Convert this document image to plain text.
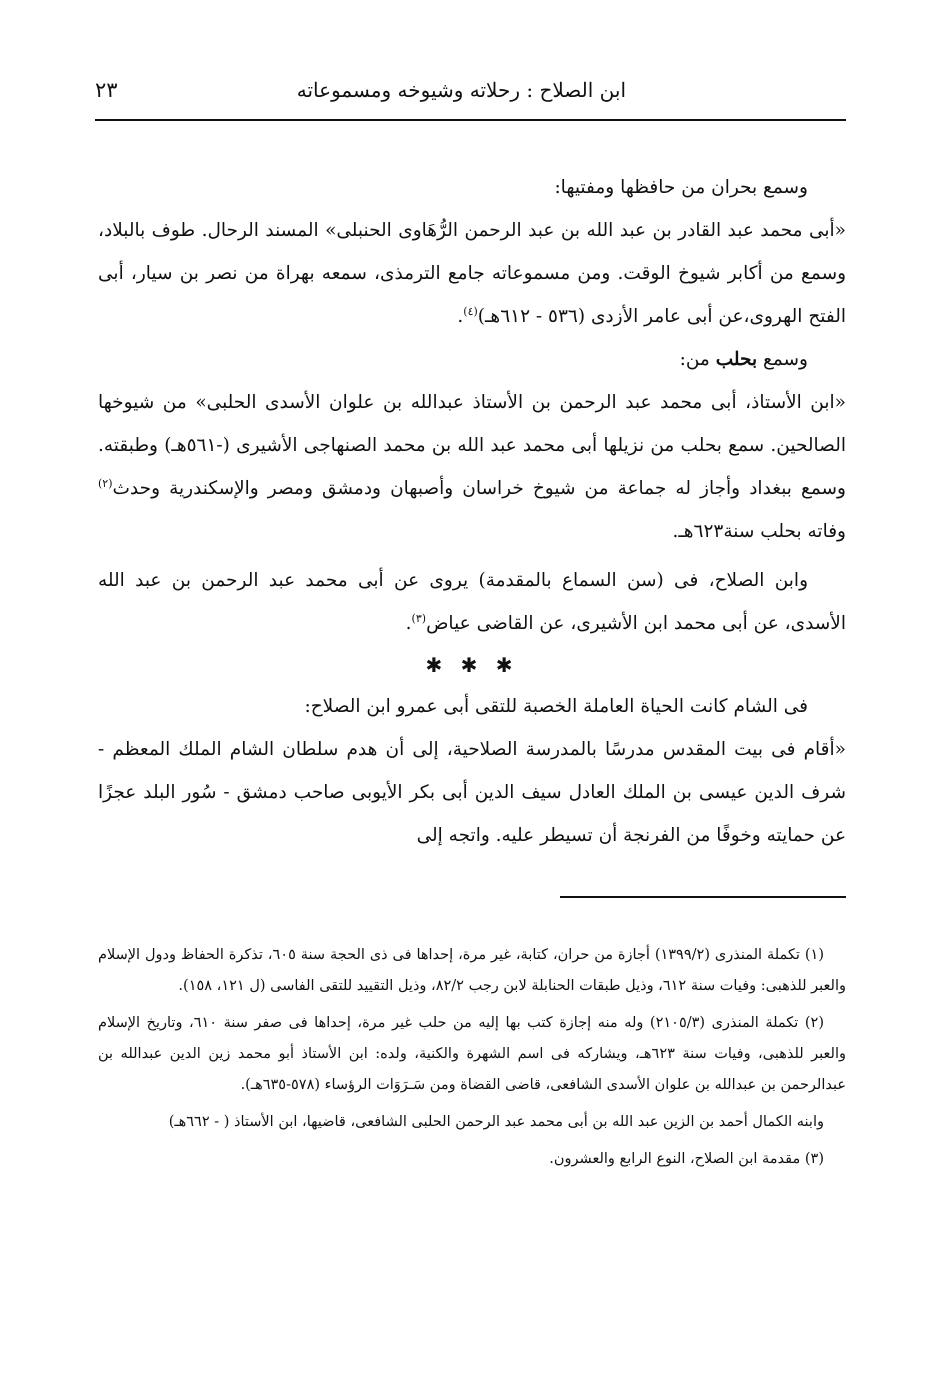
ابن الصلاح : رحلاته وشيوخه ومسموعاته
٢٣

وسمع بحران من حافظها ومفتيها:

«أبى محمد عبد القادر بن عبد الله بن عبد الرحمن الرُّهَاوى الحنبلى» المسند الرحال. طوف بالبلاد، وسمع من أكابر شيوخ الوقت. ومن مسموعاته جامع الترمذى، سمعه بهراة من نصر بن سيار، أبى الفتح الهروى،عن أبى عامر الأزدى (٥٣٦ - ٦١٢هـ)$^{(٤)}$.

وسمع بحلب من:

«ابن الأستاذ، أبى محمد عبد الرحمن بن الأستاذ عبدالله بن علوان الأسدى الحلبى» من شيوخها الصالحين. سمع بحلب من نزيلها أبى محمد عبد الله بن محمد الصنهاجى الأشيرى (-٥٦١هـ) وطبقته. وسمع ببغداد وأجاز له جماعة من شيوخ خراسان وأصبهان ودمشق ومصر والإسكندرية وحدث$^{(٢)}$ وفاته بحلب سنة٦٢٣هـ.

وابن الصلاح، فى (سن السماع بالمقدمة) يروى عن أبى محمد عبد الرحمن بن عبد الله الأسدى، عن أبى محمد ابن الأشيرى، عن القاضى عياض$^{(٣)}$.

✱ ✱ ✱

فى الشام كانت الحياة العاملة الخصبة للتقى أبى عمرو ابن الصلاح:

«أقام فى بيت المقدس مدرسًا بالمدرسة الصلاحية، إلى أن هدم سلطان الشام الملك المعظم - شرف الدين عيسى بن الملك العادل سيف الدين أبى بكر الأيوبى صاحب دمشق - سُور البلد عجزًا عن حمايته وخوفًا من الفرنجة أن تسيطر عليه. واتجه إلى

(١) تكملة المنذرى (١٣٩٩/٢) أجازة من حران، كتابة، غير مرة، إحداها فى ذى الحجة سنة ٦٠٥، تذكرة الحفاظ ودول الإسلام والعبر للذهبى: وفيات سنة ٦١٢، وذيل طبقات الحنابلة لابن رجب ٨٢/٢، وذيل التقييد للتقى الفاسى (ل ١٢١، ١٥٨).

(٢) تكملة المنذرى (٢١٠٥/٣) وله منه إجازة كتب بها إليه من حلب غير مرة، إحداها فى صفر سنة ٦١٠، وتاريخ الإسلام والعبر للذهبى، وفيات سنة ٦٢٣هـ، ويشاركه فى اسم الشهرة والكنية، ولده: ابن الأستاذ أبو محمد زين الدين عبدالله بن عبدالرحمن بن عبدالله بن علوان الأسدى الشافعى، قاضى القضاة ومن سَـرَوَات الرؤساء (٥٧٨-٦٣٥هـ).

وابنه الكمال أحمد بن الزين عبد الله بن أبى محمد عبد الرحمن الحلبى الشافعى، قاضيها، ابن الأستاذ ( - ٦٦٢هـ)

(٣) مقدمة ابن الصلاح، النوع الرابع والعشرون.
